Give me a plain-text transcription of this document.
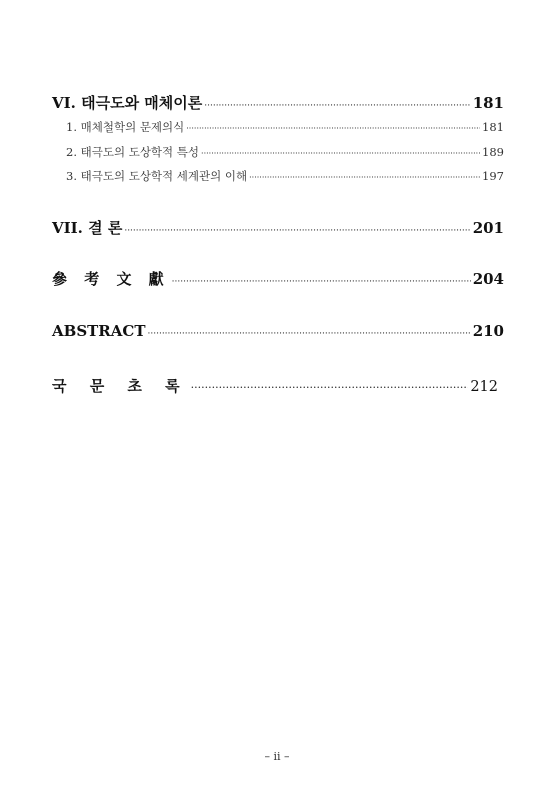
VI. 태극도와 매체이론 ·····	181
1. 매체철학의 문제의식 ·····	181
2. 태극도의 도상학적 특성 ·····	189
3. 태극도의 도상학적 세계관의 이해 ·····	197
VII. 결 론 ·····	201
參 考 文 獻 ·····	204
ABSTRACT ·····	210
국 문 초 록 ·····	212
– ii –
